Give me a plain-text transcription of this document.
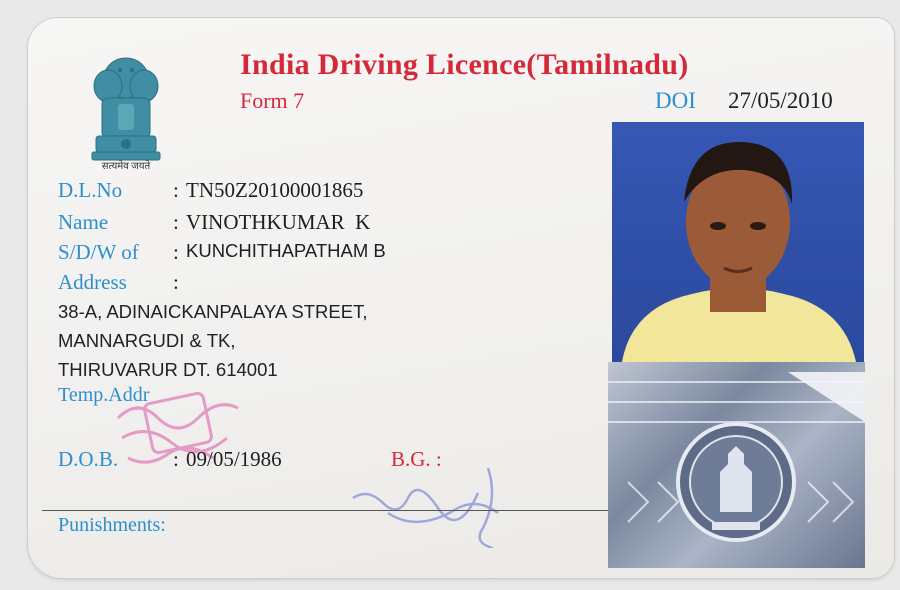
सत्यमेव जयते
India Driving Licence(Tamilnadu)
Form 7	DOI 27/05/2010
D.L.No : TN50Z20100001865
Name	: VINOTHKUMAR  K
S/D/W of : KUNCHITHAPATHAM B
Address :
38-A, ADINAICKANPALAYA STREET,
MANNARGUDI & TK,
THIRUVARUR DT. 614001
Temp.Addr
D.O.B.	: 09/05/1986	B.G. :
Punishments:
